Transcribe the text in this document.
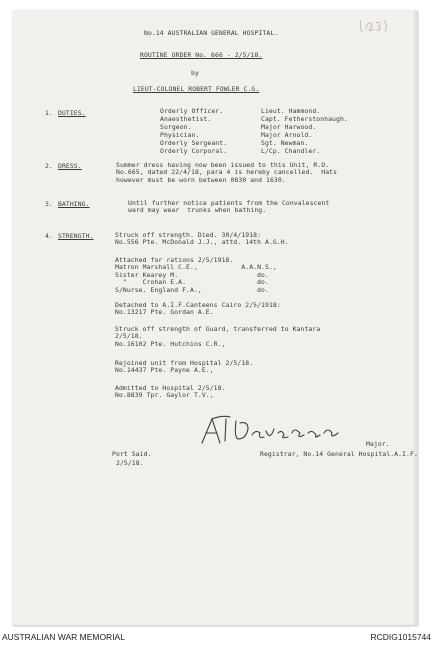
No.14 AUSTRALIAN GENERAL HOSPITAL.
ROUTINE ORDER No. 666 - 2/5/18.
by
LIEUT-COLONEL ROBERT FOWLER C.G.
1. DUTIES.	Orderly Officer.	Lieut. Hammond.
Anaesthetist.	Capt. Fetherstonhaugh.
Surgeon.	Major Harwood.
Physician.	Major Arnold.
Orderly Sergeant.	Sgt. Newman.
Orderly Corporal.	L/Cp. Chandler.
2. DRESS.	Summer dress having now been issued to this Unit, R.O.
No.665, dated 22/4/18, para 4 is hereby cancelled.  Hats
however must be worn between 0830 and 1630.
3. BATHING.	Until further notice patients from the Convalescent
ward may wear  trunks when bathing.
4. STRENGTH.	Struck off strength. Died. 30/4/1918:
No.556 Pte. McDonald J.J., attd. 14th A.G.H.
Attached for rations 2/5/1918.
Matron Marshall C.E.,           A.A.N.S.,
Sister Kearey M.                    do.
"    Crohan E.A.                  do.
S/Nurse. England F.A.,              do.
Detached to A.I.F.Canteens Cairo 2/5/1918:
No.13217 Pte. Gordan A.E.
Struck off strength of Guard, transferred to Kantara
2/5/18.
No.16102 Pte. Hutchins C.R.,
Rejoined unit from Hospital 2/5/18.
No.14437 Pte. Payne A.E.,
Admitted to Hospital 2/5/18.
No.8839 Tpr. Gaylor T.V.,
Major.
Registrar, No.14 General Hospital.A.I.F.
Port Said.
2/5/18.
AUSTRALIAN WAR MEMORIAL	RCDIG1015744
